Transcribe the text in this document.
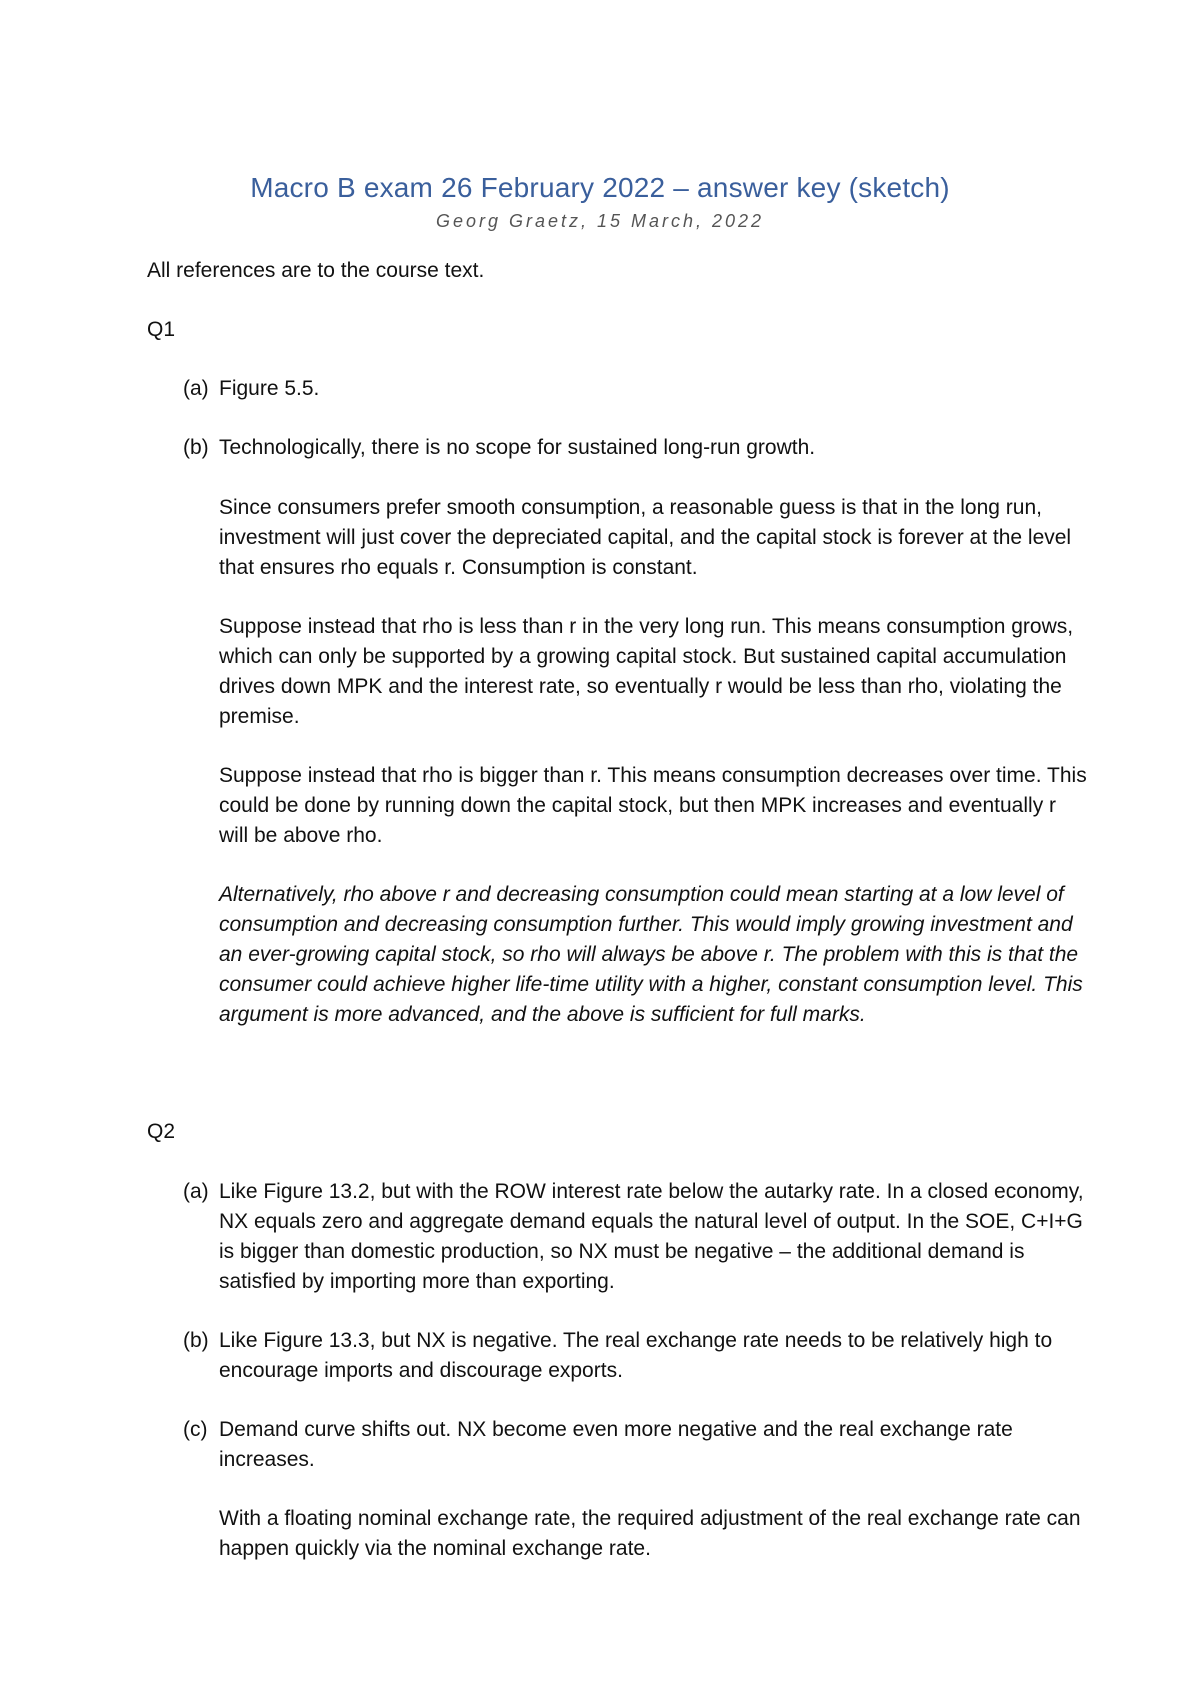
Macro B exam 26 February 2022 – answer key (sketch)
Georg Graetz, 15 March, 2022
All references are to the course text.
Q1
(a) Figure 5.5.
(b) Technologically, there is no scope for sustained long-run growth.
Since consumers prefer smooth consumption, a reasonable guess is that in the long run, investment will just cover the depreciated capital, and the capital stock is forever at the level that ensures rho equals r. Consumption is constant.
Suppose instead that rho is less than r in the very long run. This means consumption grows, which can only be supported by a growing capital stock. But sustained capital accumulation drives down MPK and the interest rate, so eventually r would be less than rho, violating the premise.
Suppose instead that rho is bigger than r. This means consumption decreases over time. This could be done by running down the capital stock, but then MPK increases and eventually r will be above rho.
Alternatively, rho above r and decreasing consumption could mean starting at a low level of consumption and decreasing consumption further. This would imply growing investment and an ever-growing capital stock, so rho will always be above r. The problem with this is that the consumer could achieve higher life-time utility with a higher, constant consumption level. This argument is more advanced, and the above is sufficient for full marks.
Q2
(a) Like Figure 13.2, but with the ROW interest rate below the autarky rate. In a closed economy, NX equals zero and aggregate demand equals the natural level of output. In the SOE, C+I+G is bigger than domestic production, so NX must be negative – the additional demand is satisfied by importing more than exporting.
(b) Like Figure 13.3, but NX is negative. The real exchange rate needs to be relatively high to encourage imports and discourage exports.
(c) Demand curve shifts out. NX become even more negative and the real exchange rate increases.
With a floating nominal exchange rate, the required adjustment of the real exchange rate can happen quickly via the nominal exchange rate.
